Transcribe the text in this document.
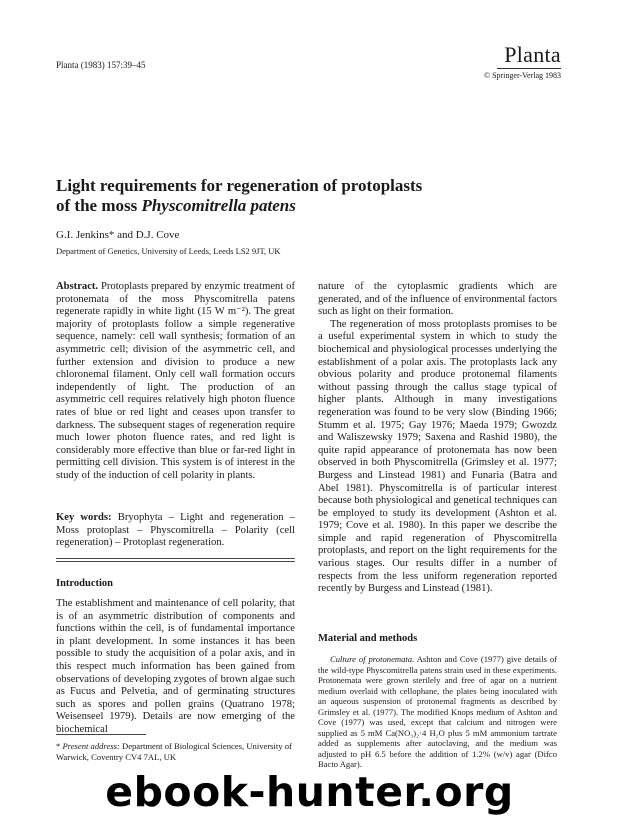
Planta (1983) 157:39–45	Planta
© Springer-Verlag 1983
Light requirements for regeneration of protoplasts
of the moss Physcomitrella patens
G.I. Jenkins* and D.J. Cove
Department of Genetics, University of Leeds, Leeds LS2 9JT, UK

Abstract. Protoplasts prepared by enzymic treatment of protonemata of the moss Physcomitrella patens regenerate rapidly in white light (15 W m⁻²). The great majority of protoplasts follow a simple regenerative sequence, namely: cell wall synthesis; formation of an asymmetric cell; division of the asymmetric cell, and further extension and division to produce a new chloronemal filament. Only cell wall formation occurs independently of light. The production of an asymmetric cell requires relatively high photon fluence rates of blue or red light and ceases upon transfer to darkness. The subsequent stages of regeneration require much lower photon fluence rates, and red light is considerably more effective than blue or far-red light in permitting cell division. This system is of interest in the study of the induction of cell polarity in plants.

Key words: Bryophyta – Light and regeneration – Moss protoplast – Physcomitrella – Polarity (cell regeneration) – Protoplast regeneration.

Introduction

The establishment and maintenance of cell polarity, that is of an asymmetric distribution of components and functions within the cell, is of fundamental importance in plant development. In some instances it has been possible to study the acquisition of a polar axis, and in this respect much information has been gained from observations of developing zygotes of brown algae such as Fucus and Pelvetia, and of germinating structures such as spores and pollen grains (Quatrano 1978; Weisenseel 1979). Details are now emerging of the biochemical

* Present address: Department of Biological Sciences, University of Warwick, Coventry CV4 7AL, UK

nature of the cytoplasmic gradients which are generated, and of the influence of environmental factors such as light on their formation.

The regeneration of moss protoplasts promises to be a useful experimental system in which to study the biochemical and physiological processes underlying the establishment of a polar axis. The protoplasts lack any obvious polarity and produce protonemal filaments without passing through the callus stage typical of higher plants. Although in many investigations regeneration was found to be very slow (Binding 1966; Stumm et al. 1975; Gay 1976; Maeda 1979; Gwozdz and Waliszewsky 1979; Saxena and Rashid 1980), the quite rapid appearance of protonemata has now been observed in both Physcomitrella (Grimsley et al. 1977; Burgess and Linstead 1981) and Funaria (Batra and Abel 1981). Physcomitrella is of particular interest because both physiological and genetical techniques can be employed to study its development (Ashton et al. 1979; Cove et al. 1980). In this paper we describe the simple and rapid regeneration of Physcomitrella protoplasts, and report on the light requirements for the various stages. Our results differ in a number of respects from the less uniform regeneration reported recently by Burgess and Linstead (1981).

Material and methods

Culture of protonemata. Ashton and Cove (1977) give details of the wild-type Physcomitrella patens strain used in these experiments. Protonemata were grown sterilely and free of agar on a nutrient medium overlaid with cellophane, the plates being inoculated with an aqueous suspension of protonemal fragments as described by Grimsley et al. (1977). The modified Knops medium of Ashton and Cove (1977) was used, except that calcium and nitrogen were supplied as 5 mM Ca(NO₃)₂·4 H₂O plus 5 mM ammonium tartrate added as supplements after autoclaving, and the medium was adjusted to pH 6.5 before the addition of 1.2% (w/v) agar (Difco Bacto Agar).

ebook-hunter.org
